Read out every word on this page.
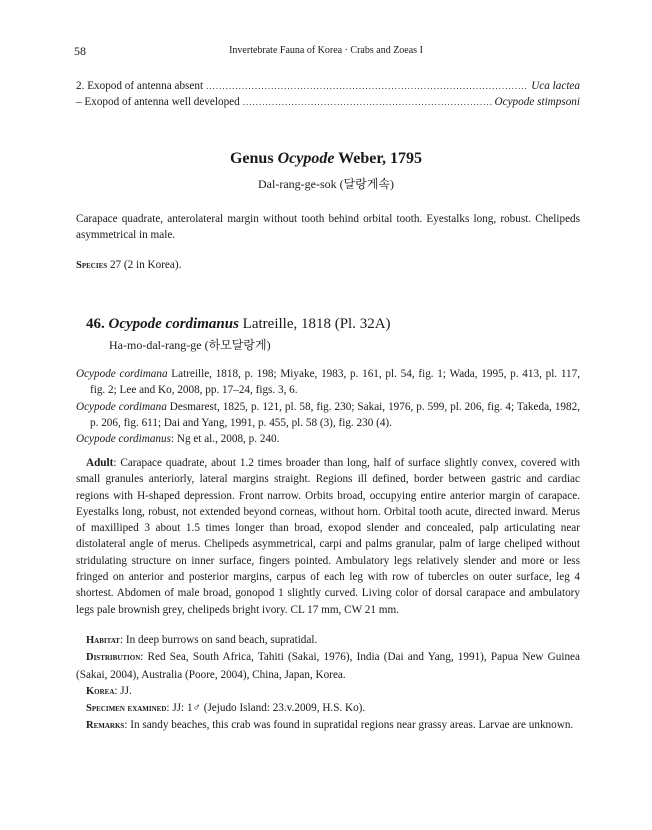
58	Invertebrate Fauna of Korea · Crabs and Zoeas I
2. Exopod of antenna absent .....	Uca lactea
– Exopod of antenna well developed .....	Ocypode stimpsoni
Genus Ocypode Weber, 1795
Dal-rang-ge-sok (달랑게속)
Carapace quadrate, anterolateral margin without tooth behind orbital tooth. Eyestalks long, robust. Chelipeds asymmetrical in male.
Species 27 (2 in Korea).
46. Ocypode cordimanus Latreille, 1818 (Pl. 32A)
Ha-mo-dal-rang-ge (하모달랑게)
Ocypode cordimana Latreille, 1818, p. 198; Miyake, 1983, p. 161, pl. 54, fig. 1; Wada, 1995, p. 413, pl. 117, fig. 2; Lee and Ko, 2008, pp. 17–24, figs. 3, 6.
Ocypode cordimana Desmarest, 1825, p. 121, pl. 58, fig. 230; Sakai, 1976, p. 599, pl. 206, fig. 4; Takeda, 1982, p. 206, fig. 611; Dai and Yang, 1991, p. 455, pl. 58 (3), fig. 230 (4).
Ocypode cordimanus: Ng et al., 2008, p. 240.
Adult: Carapace quadrate, about 1.2 times broader than long, half of surface slightly convex, covered with small granules anteriorly, lateral margins straight. Regions ill defined, border between gastric and cardiac regions with H-shaped depression. Front narrow. Orbits broad, occupying entire anterior margin of carapace. Eyestalks long, robust, not extended beyond corneas, without horn. Orbital tooth acute, directed inward. Merus of maxilliped 3 about 1.5 times longer than broad, exopod slender and concealed, palp articulating near distolateral angle of merus. Chelipeds asymmetrical, carpi and palms granular, palm of large cheliped without stridulating structure on inner surface, fingers pointed. Ambulatory legs relatively slender and more or less fringed on anterior and posterior margins, carpus of each leg with row of tubercles on outer surface, leg 4 shortest. Abdomen of male broad, gonopod 1 slightly curved. Living color of dorsal carapace and ambulatory legs pale brownish grey, chelipeds bright ivory. CL 17 mm, CW 21 mm.
Habitat: In deep burrows on sand beach, supratidal.
Distribution: Red Sea, South Africa, Tahiti (Sakai, 1976), India (Dai and Yang, 1991), Papua New Guinea (Sakai, 2004), Australia (Poore, 2004), China, Japan, Korea.
Korea: JJ.
Specimen examined: JJ: 1♂ (Jejudo Island: 23.v.2009, H.S. Ko).
Remarks: In sandy beaches, this crab was found in supratidal regions near grassy areas. Larvae are unknown.
